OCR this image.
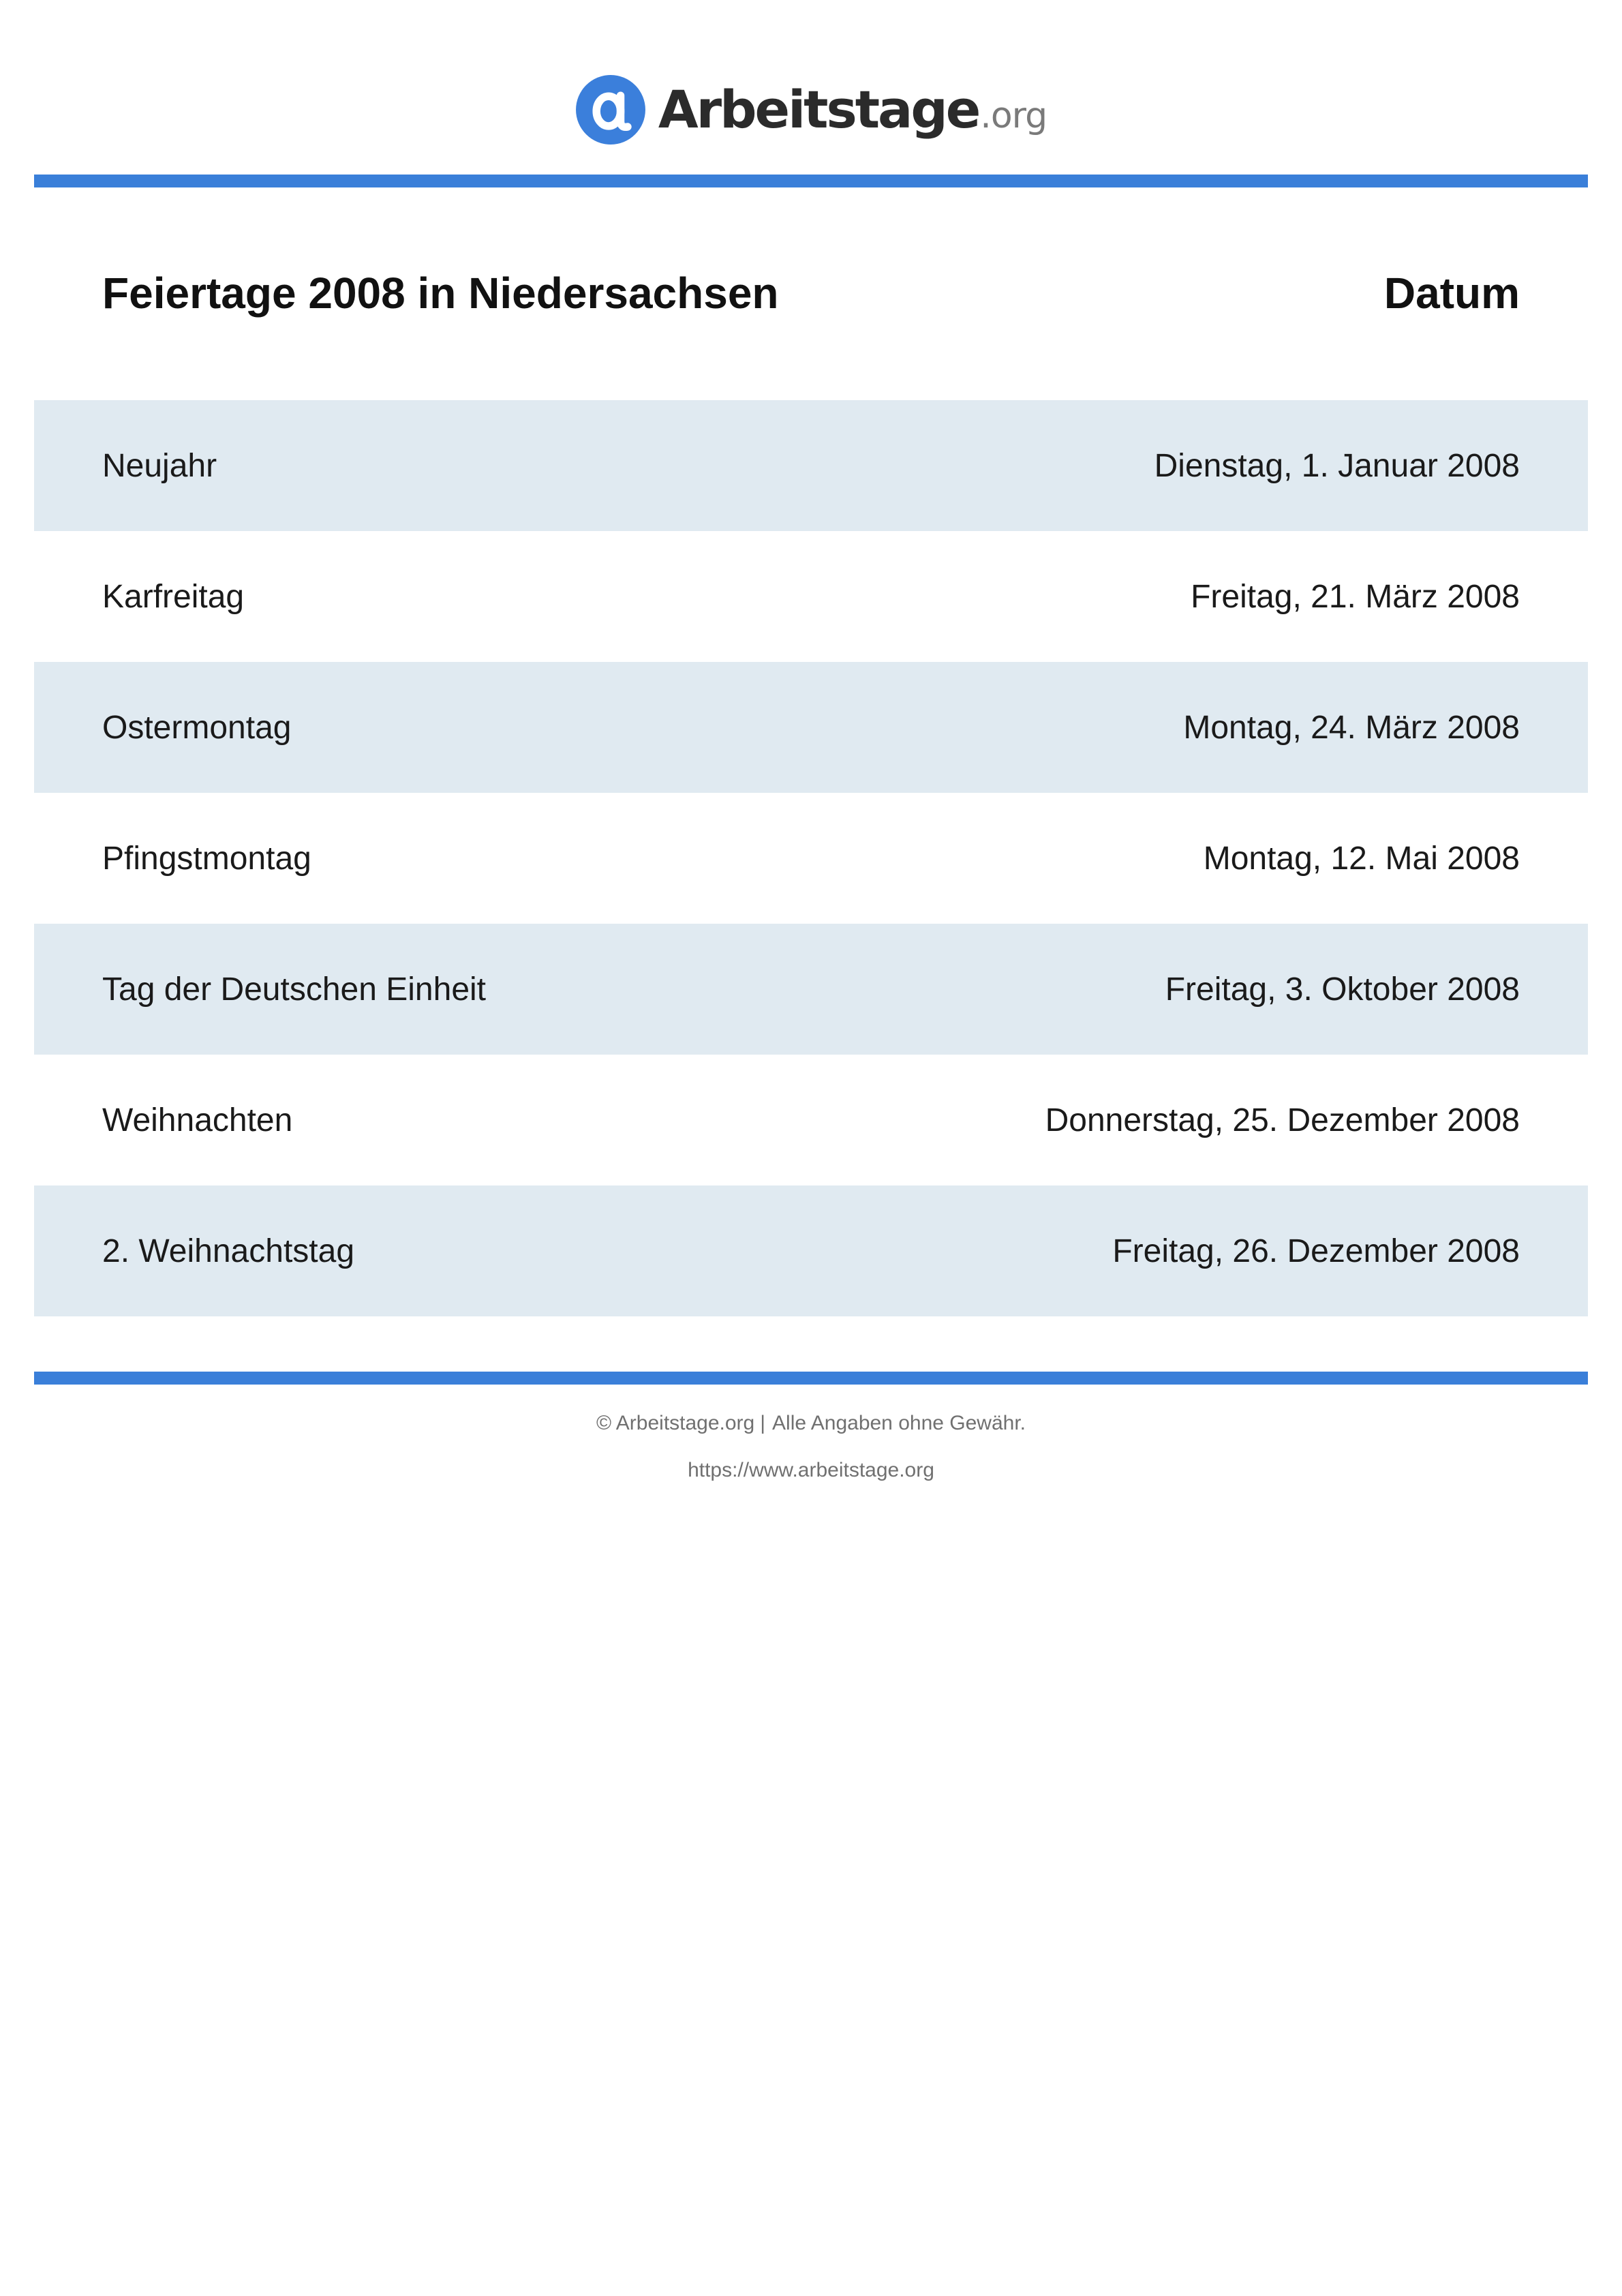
Arbeitstage .org
Feiertage 2008 in Niedersachsen	Datum
Neujahr	Dienstag, 1. Januar 2008
Karfreitag	Freitag, 21. März 2008
Ostermontag	Montag, 24. März 2008
Pfingstmontag	Montag, 12. Mai 2008
Tag der Deutschen Einheit	Freitag, 3. Oktober 2008
Weihnachten	Donnerstag, 25. Dezember 2008
2. Weihnachtstag	Freitag, 26. Dezember 2008
© Arbeitstage.org | Alle Angaben ohne Gewähr.
https://www.arbeitstage.org
